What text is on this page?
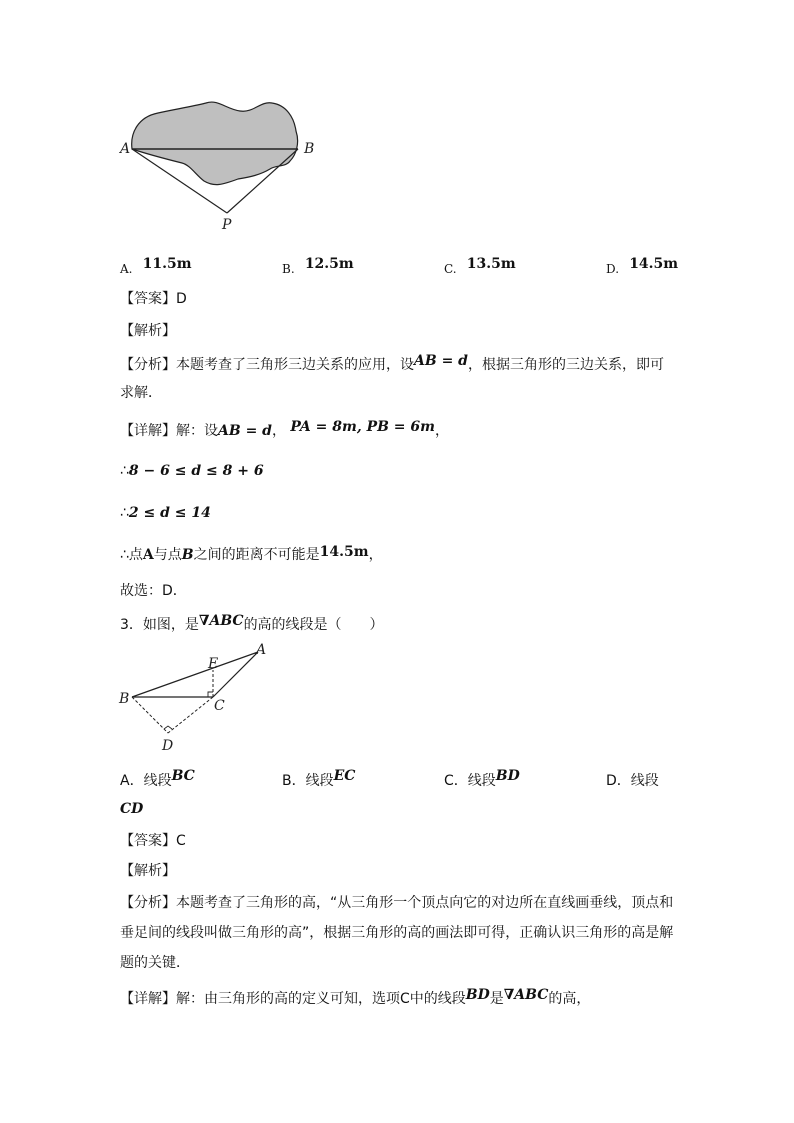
A	B
P
A. 11.5m	B. 12.5m	C. 13.5m	D. 14.5m
【答案】D
【解析】
【分析】本题考查了三角形三边关系的应用，设AB = d，根据三角形的三边关系，即可
求解．
【详解】解：设AB = d， PA = 8m, PB = 6m，
∴8 − 6 ≤ d ≤ 8 + 6
∴2 ≤ d ≤ 14
∴点A与点B之间的距离不可能是14.5m，
故选：D．
3．如图，是∇ABC的高的线段是（　　）
E
A
B	C
D
A．线段BC	B．线段EC	C．线段BD	D．线段
CD
【答案】C
【解析】
【分析】本题考查了三角形的高，“从三角形一个顶点向它的对边所在直线画垂线，顶点和
垂足间的线段叫做三角形的高”，根据三角形的高的画法即可得，正确认识三角形的高是解
题的关键．
【详解】解：由三角形的高的定义可知，选项C中的线段BD是∇ABC的高，
